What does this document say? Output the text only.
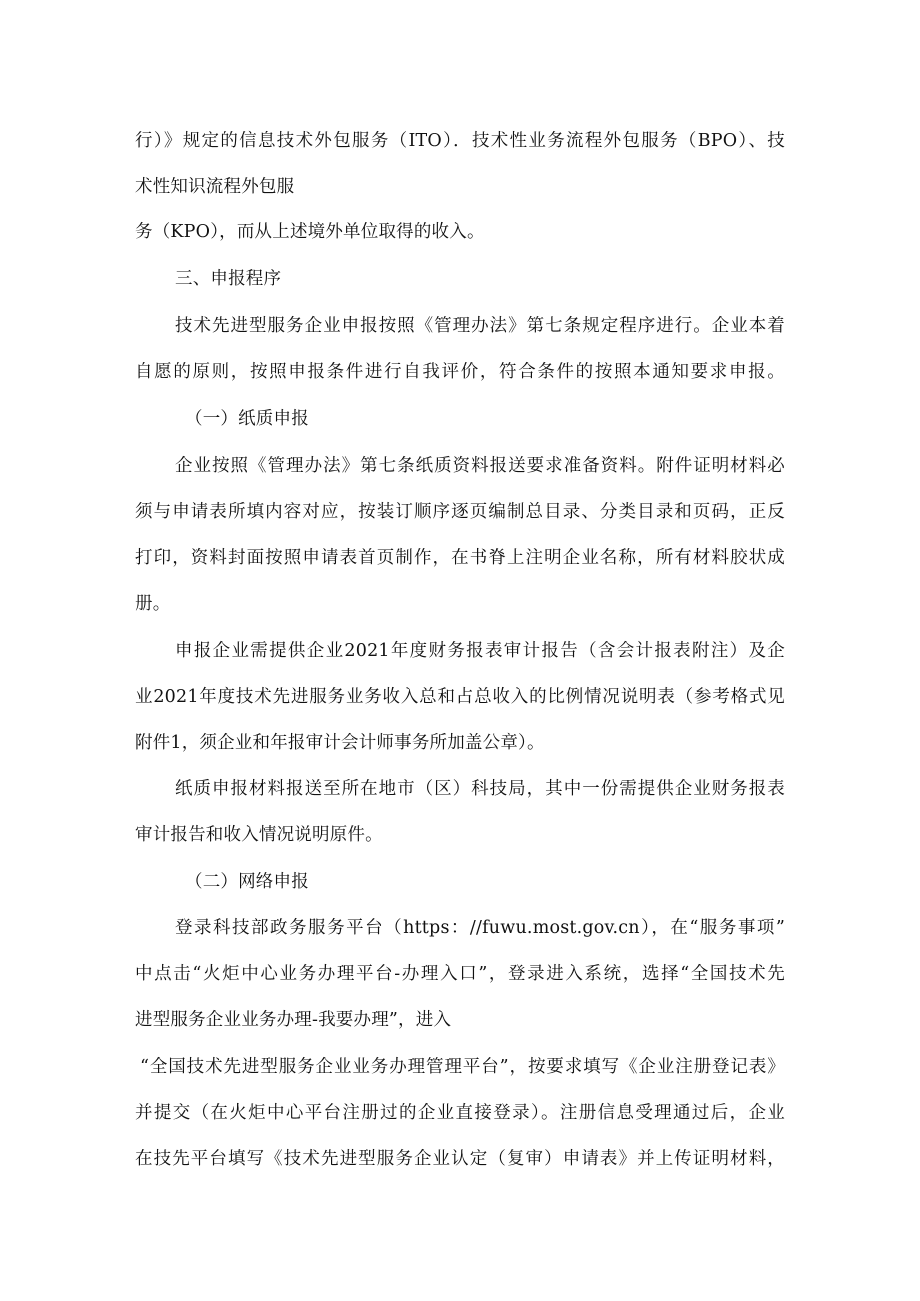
行）》规定的信息技术外包服务（ITO）．技术性业务流程外包服务（BPO）、技
术性知识流程外包服
务（KPO），而从上述境外单位取得的收入。
三、申报程序
技术先进型服务企业申报按照《管理办法》第七条规定程序进行。企业本着
自愿的原则，按照申报条件进行自我评价，符合条件的按照本通知要求申报。
（一）纸质申报
企业按照《管理办法》第七条纸质资料报送要求准备资料。附件证明材料必
须与申请表所填内容对应，按装订顺序逐页编制总目录、分类目录和页码，正反
打印，资料封面按照申请表首页制作，在书脊上注明企业名称，所有材料胶状成
册。
申报企业需提供企业2021年度财务报表审计报告（含会计报表附注）及企
业2021年度技术先进服务业务收入总和占总收入的比例情况说明表（参考格式见
附件1，须企业和年报审计会计师事务所加盖公章）。
纸质申报材料报送至所在地市（区）科技局，其中一份需提供企业财务报表
审计报告和收入情况说明原件。
（二）网络申报
登录科技部政务服务平台（https：//fuwu.most.gov.cn），在“服务事项”
中点击“火炬中心业务办理平台-办理入口”，登录进入系统，选择“全国技术先
进型服务企业业务办理-我要办理”，进入
“全国技术先进型服务企业业务办理管理平台”，按要求填写《企业注册登记表》
并提交（在火炬中心平台注册过的企业直接登录）。注册信息受理通过后，企业
在技先平台填写《技术先进型服务企业认定（复审）申请表》并上传证明材料，
